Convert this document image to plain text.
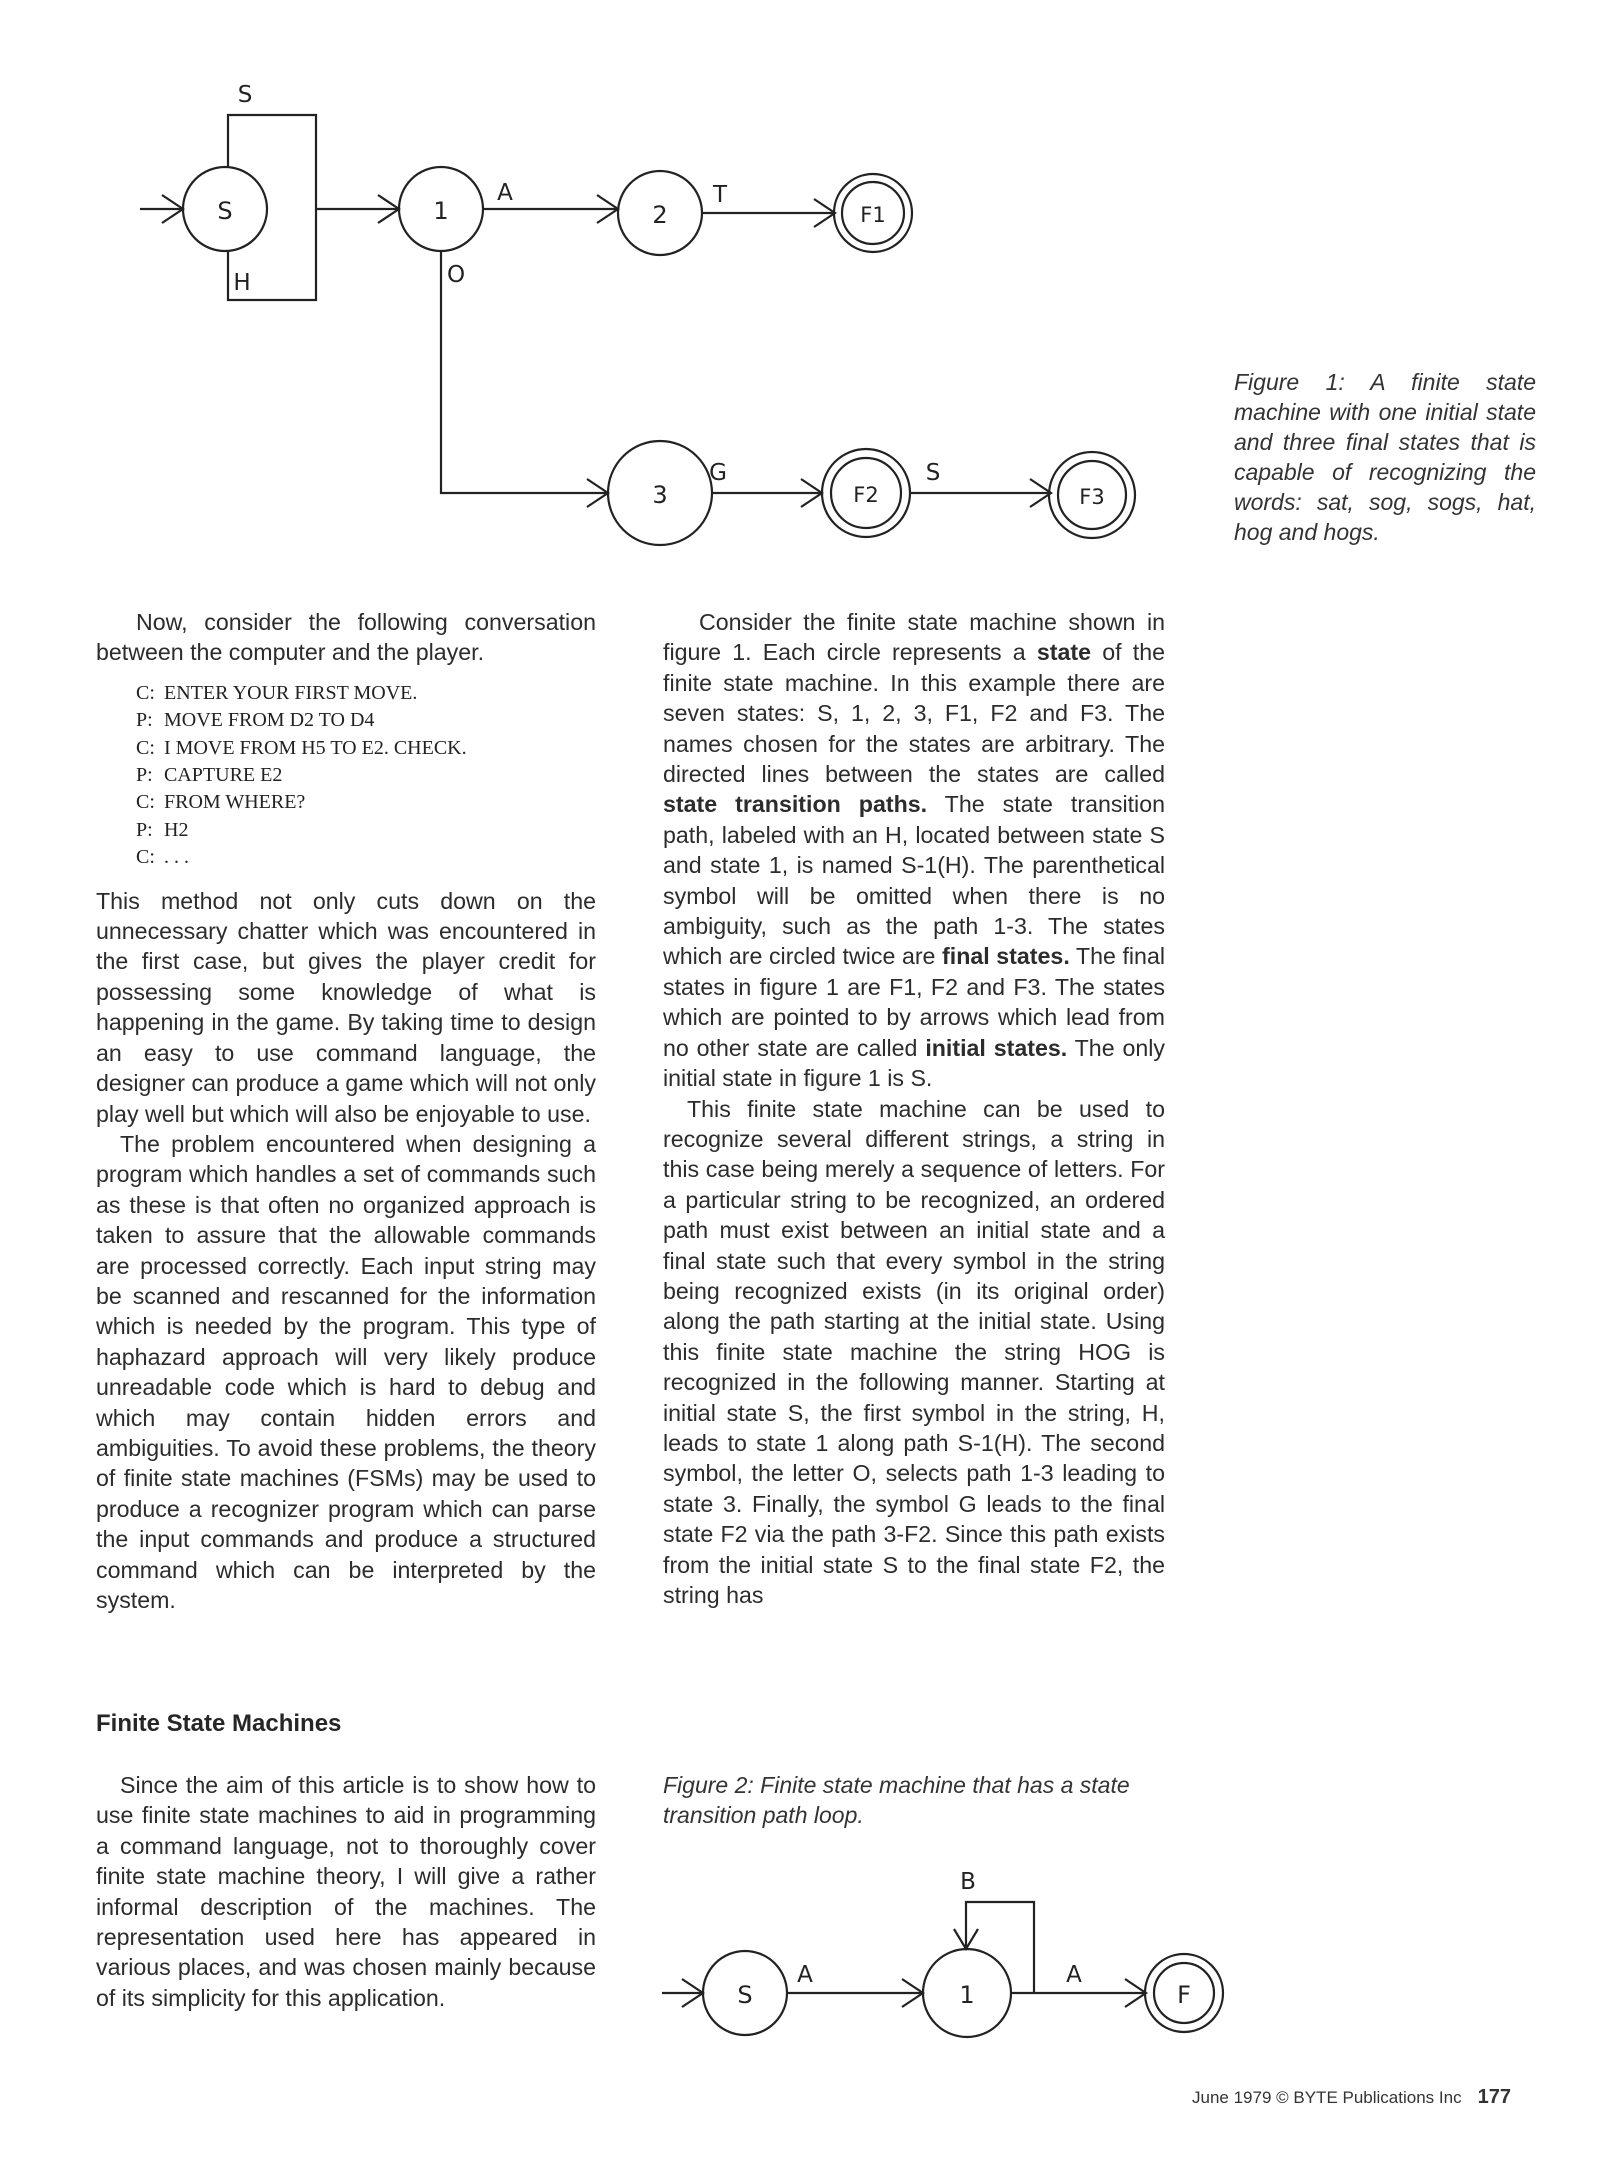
S
S
H
1
A
2
T
F1
O
3
G
F2
S
F3
Figure 1: A finite state machine with one initial state and three final states that is capable of recognizing the words: sat, sog, sogs, hat, hog and hogs.

Now, consider the following conversation between the computer and the player.

C: ENTER YOUR FIRST MOVE.
P: MOVE FROM D2 TO D4
C: I MOVE FROM H5 TO E2. CHECK.
P: CAPTURE E2
C: FROM WHERE?
P: H2
C: . . .

This method not only cuts down on the unnecessary chatter which was encountered in the first case, but gives the player credit for possessing some knowledge of what is happening in the game. By taking time to design an easy to use command language, the designer can produce a game which will not only play well but which will also be enjoyable to use.

The problem encountered when designing a program which handles a set of commands such as these is that often no organized approach is taken to assure that the allowable commands are processed correctly. Each input string may be scanned and rescanned for the information which is needed by the program. This type of haphazard approach will very likely produce unreadable code which is hard to debug and which may contain hidden errors and ambiguities. To avoid these problems, the theory of finite state machines (FSMs) may be used to produce a recognizer program which can parse the input commands and produce a structured command which can be interpreted by the system.

Finite State Machines

Since the aim of this article is to show how to use finite state machines to aid in programming a command language, not to thoroughly cover finite state machine theory, I will give a rather informal description of the machines. The representation used here has appeared in various places, and was chosen mainly because of its simplicity for this application.

Consider the finite state machine shown in figure 1. Each circle represents a state of the finite state machine. In this example there are seven states: S, 1, 2, 3, F1, F2 and F3. The names chosen for the states are arbitrary. The directed lines between the states are called state transition paths. The state transition path, labeled with an H, located between state S and state 1, is named S-1(H). The parenthetical symbol will be omitted when there is no ambiguity, such as the path 1-3. The states which are circled twice are final states. The final states in figure 1 are F1, F2 and F3. The states which are pointed to by arrows which lead from no other state are called initial states. The only initial state in figure 1 is S.

This finite state machine can be used to recognize several different strings, a string in this case being merely a sequence of letters. For a particular string to be recognized, an ordered path must exist between an initial state and a final state such that every symbol in the string being recognized exists (in its original order) along the path starting at the initial state. Using this finite state machine the string HOG is recognized in the following manner. Starting at initial state S, the first symbol in the string, H, leads to state 1 along path S-1(H). The second symbol, the letter O, selects path 1-3 leading to state 3. Finally, the symbol G leads to the final state F2 via the path 3-F2. Since this path exists from the initial state S to the final state F2, the string has

Figure 2: Finite state machine that has a state transition path loop.
S
A
1
B
A
F
June 1979 © BYTE Publications Inc 177
